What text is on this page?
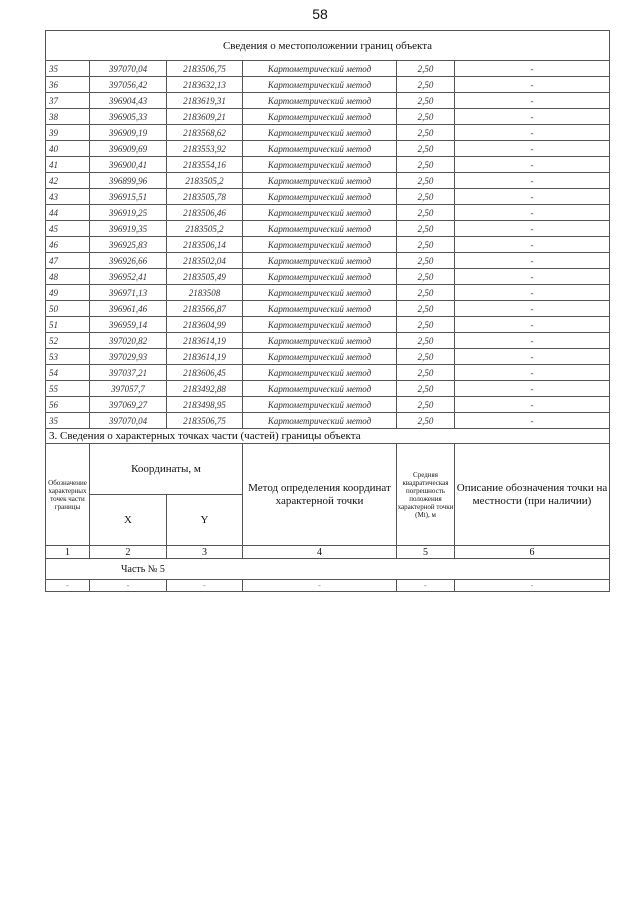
58
Сведения о местоположении границ объекта					
35	397070,04	2183506,75	Картометрический метод	2,50	-
36	397056,42	2183632,13	Картометрический метод	2,50	-
37	396904,43	2183619,31	Картометрический метод	2,50	-
38	396905,33	2183609,21	Картометрический метод	2,50	-
39	396909,19	2183568,62	Картометрический метод	2,50	-
40	396909,69	2183553,92	Картометрический метод	2,50	-
41	396900,41	2183554,16	Картометрический метод	2,50	-
42	396899,96	2183505,2	Картометрический метод	2,50	-
43	396915,51	2183505,78	Картометрический метод	2,50	-
44	396919,25	2183506,46	Картометрический метод	2,50	-
45	396919,35	2183505,2	Картометрический метод	2,50	-
46	396925,83	2183506,14	Картометрический метод	2,50	-
47	396926,66	2183502,04	Картометрический метод	2,50	-
48	396952,41	2183505,49	Картометрический метод	2,50	-
49	396971,13	2183508	Картометрический метод	2,50	-
50	396961,46	2183566,87	Картометрический метод	2,50	-
51	396959,14	2183604,99	Картометрический метод	2,50	-
52	397020,82	2183614,19	Картометрический метод	2,50	-
53	397029,93	2183614,19	Картометрический метод	2,50	-
54	397037,21	2183606,45	Картометрический метод	2,50	-
55	397057,7	2183492,88	Картометрический метод	2,50	-
56	397069,27	2183498,95	Картометрический метод	2,50	-
35	397070,04	2183506,75	Картометрический метод	2,50	-
3. Сведения о характерных точках части (частей) границы объекта					
Обозначение характерных точек части границы	Координаты, м		Метод определения координат характерной точки	Средняя квадратическая погрешность положения характерной точки (Mt), м	Описание обозначения точки на местности (при наличии)
	X	Y			
1	2	3	4	5	6
Часть № 5					
-	-	-	-	-	-
